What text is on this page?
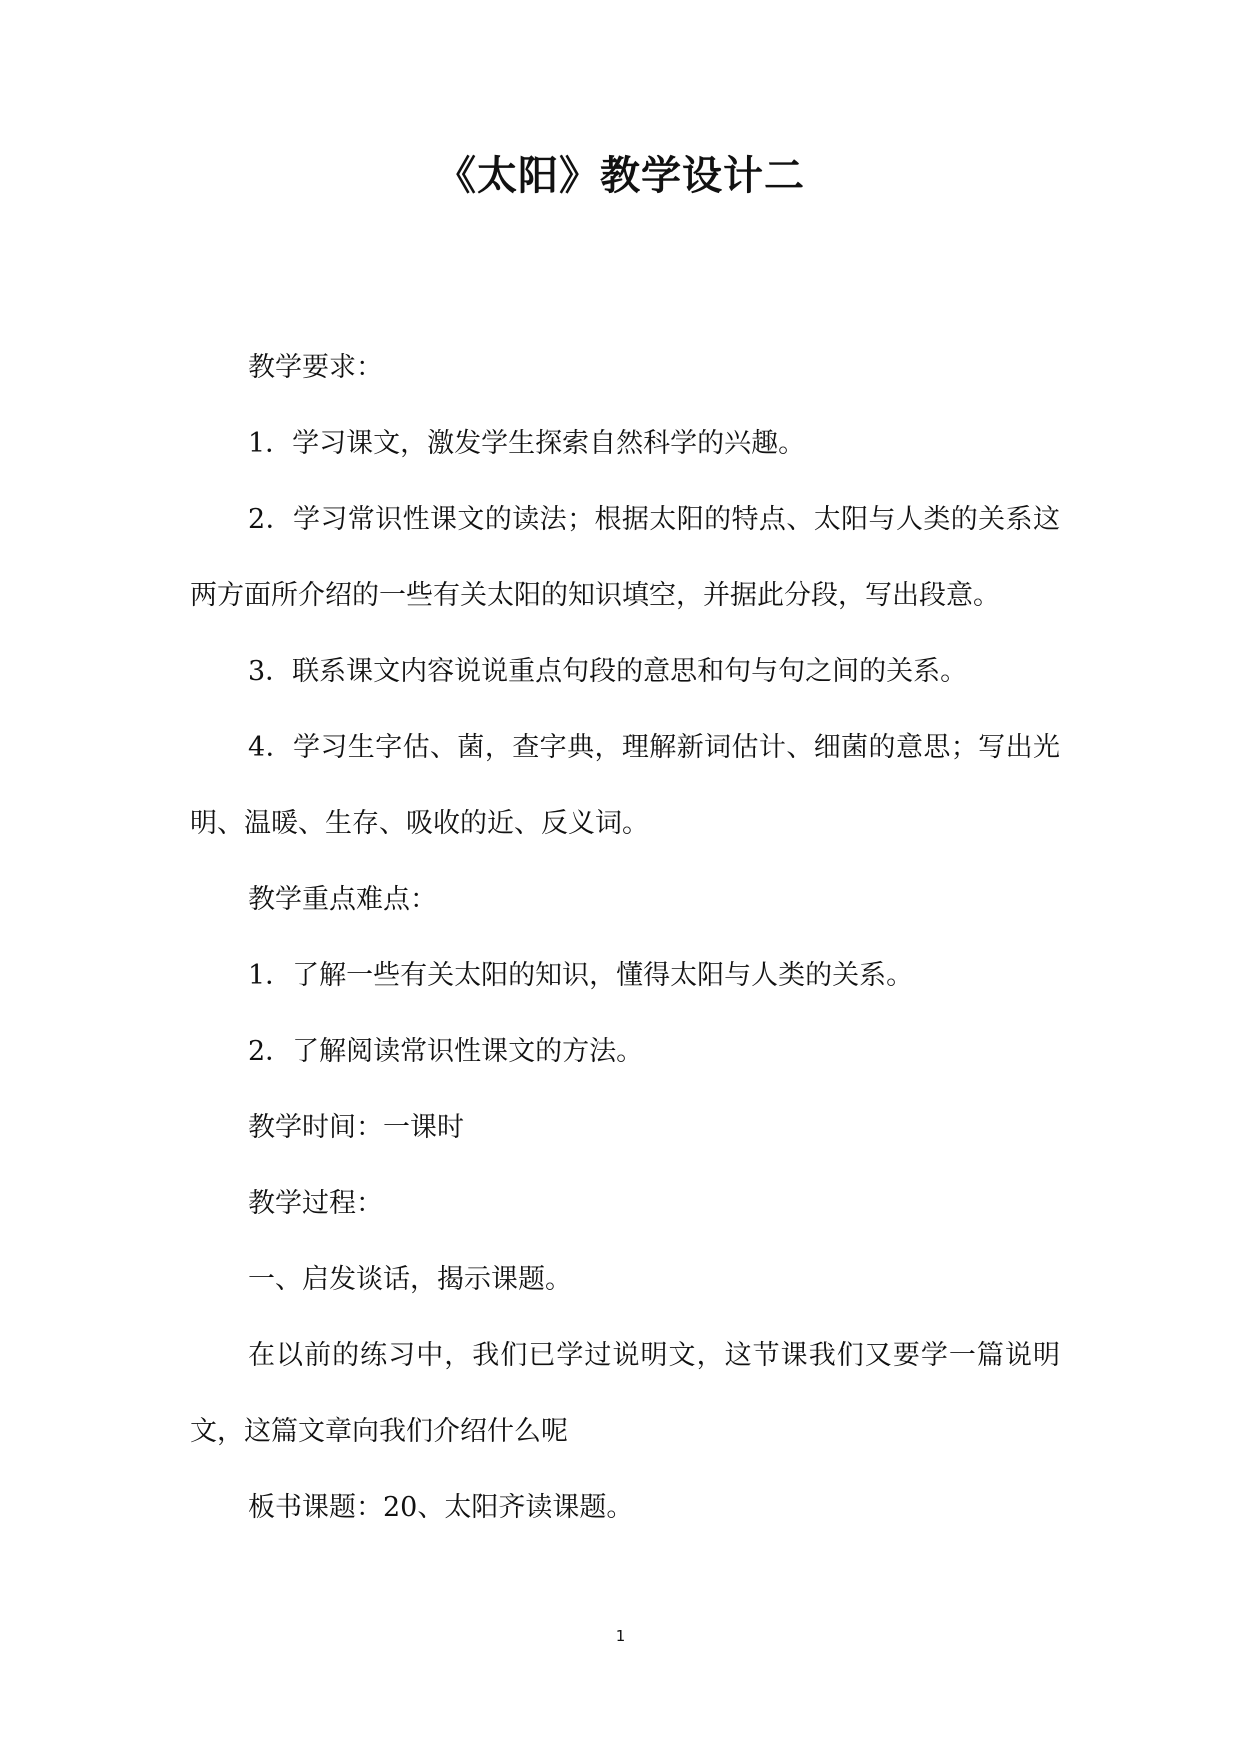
《太阳》教学设计二

教学要求：

1．学习课文，激发学生探索自然科学的兴趣。

2．学习常识性课文的读法；根据太阳的特点、太阳与人类的关系这两方面所介绍的一些有关太阳的知识填空，并据此分段，写出段意。

3．联系课文内容说说重点句段的意思和句与句之间的关系。

4．学习生字估、菌，查字典，理解新词估计、细菌的意思；写出光明、温暖、生存、吸收的近、反义词。

教学重点难点：

1．了解一些有关太阳的知识，懂得太阳与人类的关系。

2．了解阅读常识性课文的方法。

教学时间：一课时

教学过程：

一、启发谈话，揭示课题。

在以前的练习中，我们已学过说明文，这节课我们又要学一篇说明文，这篇文章向我们介绍什么呢

板书课题：20、太阳齐读课题。

1
